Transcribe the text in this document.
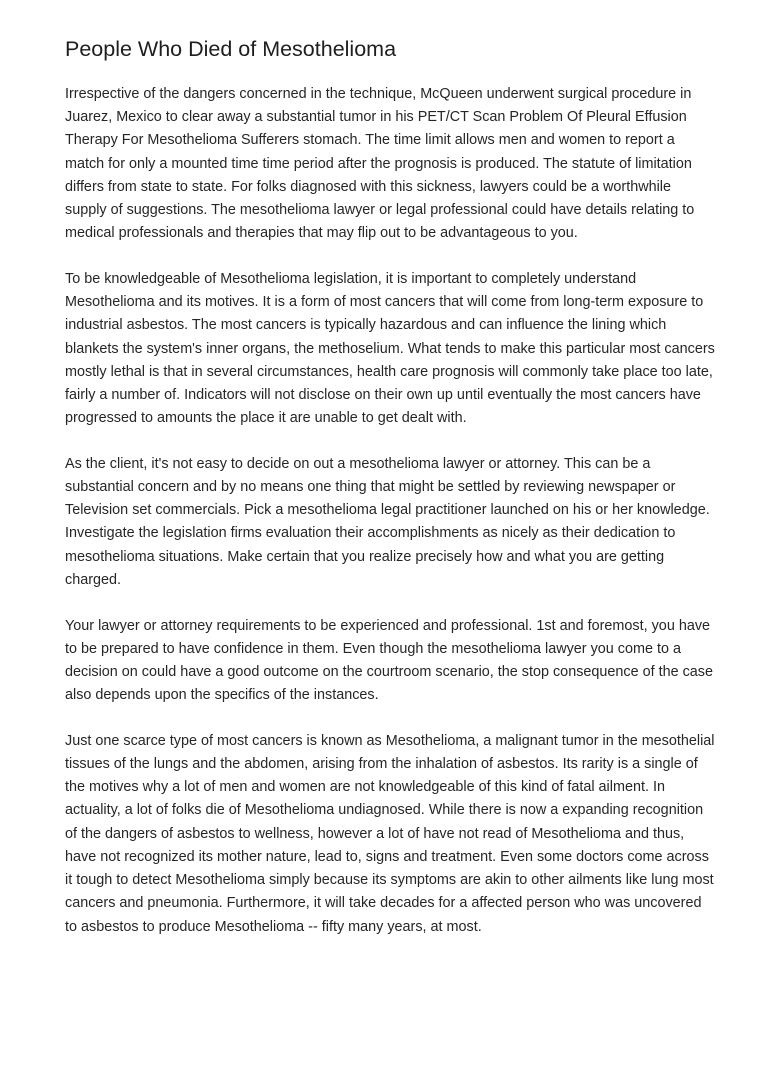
People Who Died of Mesothelioma

Irrespective of the dangers concerned in the technique, McQueen underwent surgical procedure in Juarez, Mexico to clear away a substantial tumor in his PET/CT Scan Problem Of Pleural Effusion Therapy For Mesothelioma Sufferers stomach. The time limit allows men and women to report a match for only a mounted time time period after the prognosis is produced. The statute of limitation differs from state to state. For folks diagnosed with this sickness, lawyers could be a worthwhile supply of suggestions. The mesothelioma lawyer or legal professional could have details relating to medical professionals and therapies that may flip out to be advantageous to you.

To be knowledgeable of Mesothelioma legislation, it is important to completely understand Mesothelioma and its motives. It is a form of most cancers that will come from long-term exposure to industrial asbestos. The most cancers is typically hazardous and can influence the lining which blankets the system's inner organs, the methoselium. What tends to make this particular most cancers mostly lethal is that in several circumstances, health care prognosis will commonly take place too late, fairly a number of. Indicators will not disclose on their own up until eventually the most cancers have progressed to amounts the place it are unable to get dealt with.

As the client, it's not easy to decide on out a mesothelioma lawyer or attorney. This can be a substantial concern and by no means one thing that might be settled by reviewing newspaper or Television set commercials. Pick a mesothelioma legal practitioner launched on his or her knowledge. Investigate the legislation firms evaluation their accomplishments as nicely as their dedication to mesothelioma situations. Make certain that you realize precisely how and what you are getting charged.

Your lawyer or attorney requirements to be experienced and professional. 1st and foremost, you have to be prepared to have confidence in them. Even though the mesothelioma lawyer you come to a decision on could have a good outcome on the courtroom scenario, the stop consequence of the case also depends upon the specifics of the instances.

Just one scarce type of most cancers is known as Mesothelioma, a malignant tumor in the mesothelial tissues of the lungs and the abdomen, arising from the inhalation of asbestos. Its rarity is a single of the motives why a lot of men and women are not knowledgeable of this kind of fatal ailment. In actuality, a lot of folks die of Mesothelioma undiagnosed. While there is now a expanding recognition of the dangers of asbestos to wellness, however a lot of have not read of Mesothelioma and thus, have not recognized its mother nature, lead to, signs and treatment. Even some doctors come across it tough to detect Mesothelioma simply because its symptoms are akin to other ailments like lung most cancers and pneumonia. Furthermore, it will take decades for a affected person who was uncovered to asbestos to produce Mesothelioma -- fifty many years, at most.
